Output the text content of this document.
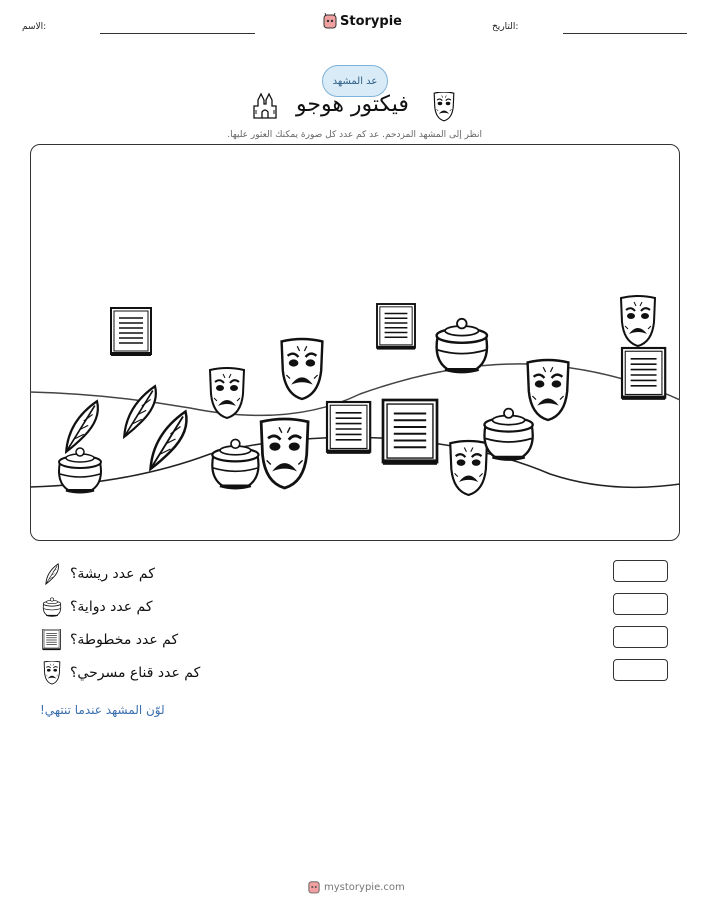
الاسم:	Storypie	التاريخ:
عد المشهد
فيكتور هوجو
انظر إلى المشهد المزدحم. عد كم عدد كل صورة يمكنك العثور عليها.
كم عدد ريشة؟
كم عدد دواية؟
كم عدد مخطوطة؟
كم عدد قناع مسرحي؟
لوّن المشهد عندما تنتهي!
mystorypie.com
